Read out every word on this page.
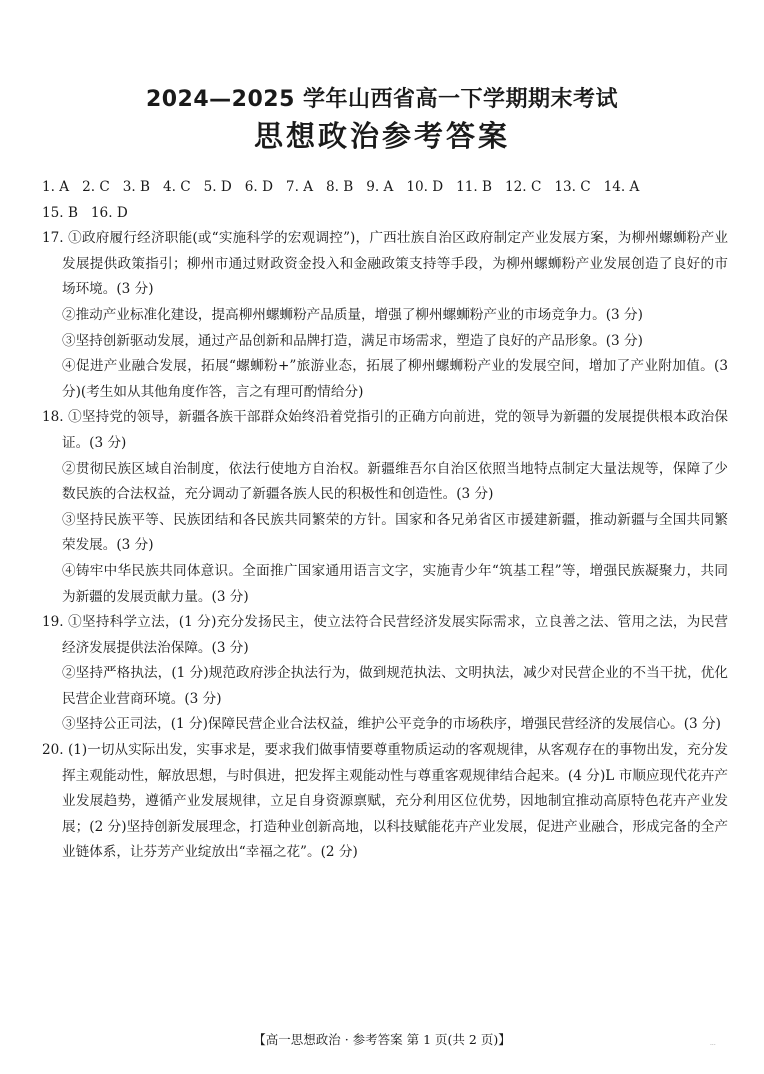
2024—2025 学年山西省高一下学期期末考试
思想政治参考答案

1. A   2. C   3. B   4. C   5. D   6. D   7. A   8. B   9. A   10. D   11. B   12. C   13. C   14. A

15. B   16. D

17. ①政府履行经济职能(或“实施科学的宏观调控”)，广西壮族自治区政府制定产业发展方案，为柳州螺蛳粉产业发展提供政策指引；柳州市通过财政资金投入和金融政策支持等手段，为柳州螺蛳粉产业发展创造了良好的市场环境。(3 分)

②推动产业标准化建设，提高柳州螺蛳粉产品质量，增强了柳州螺蛳粉产业的市场竞争力。(3 分)

③坚持创新驱动发展，通过产品创新和品牌打造，满足市场需求，塑造了良好的产品形象。(3 分)

④促进产业融合发展，拓展“螺蛳粉+”旅游业态，拓展了柳州螺蛳粉产业的发展空间，增加了产业附加值。(3 分)(考生如从其他角度作答，言之有理可酌情给分)

18. ①坚持党的领导，新疆各族干部群众始终沿着党指引的正确方向前进，党的领导为新疆的发展提供根本政治保证。(3 分)

②贯彻民族区域自治制度，依法行使地方自治权。新疆维吾尔自治区依照当地特点制定大量法规等，保障了少数民族的合法权益，充分调动了新疆各族人民的积极性和创造性。(3 分)

③坚持民族平等、民族团结和各民族共同繁荣的方针。国家和各兄弟省区市援建新疆，推动新疆与全国共同繁荣发展。(3 分)

④铸牢中华民族共同体意识。全面推广国家通用语言文字，实施青少年“筑基工程”等，增强民族凝聚力，共同为新疆的发展贡献力量。(3 分)

19. ①坚持科学立法，(1 分)充分发扬民主，使立法符合民营经济发展实际需求，立良善之法、管用之法，为民营经济发展提供法治保障。(3 分)

②坚持严格执法，(1 分)规范政府涉企执法行为，做到规范执法、文明执法，减少对民营企业的不当干扰，优化民营企业营商环境。(3 分)

③坚持公正司法，(1 分)保障民营企业合法权益，维护公平竞争的市场秩序，增强民营经济的发展信心。(3 分)

20. (1)一切从实际出发，实事求是，要求我们做事情要尊重物质运动的客观规律，从客观存在的事物出发，充分发挥主观能动性，解放思想，与时俱进，把发挥主观能动性与尊重客观规律结合起来。(4 分)L 市顺应现代花卉产业发展趋势，遵循产业发展规律，立足自身资源禀赋，充分利用区位优势，因地制宜推动高原特色花卉产业发展；(2 分)坚持创新发展理念，打造种业创新高地，以科技赋能花卉产业发展，促进产业融合，形成完备的全产业链体系，让芬芳产业绽放出“幸福之花”。(2 分)

【高一思想政治 · 参考答案 第 1 页(共 2 页)】	...
